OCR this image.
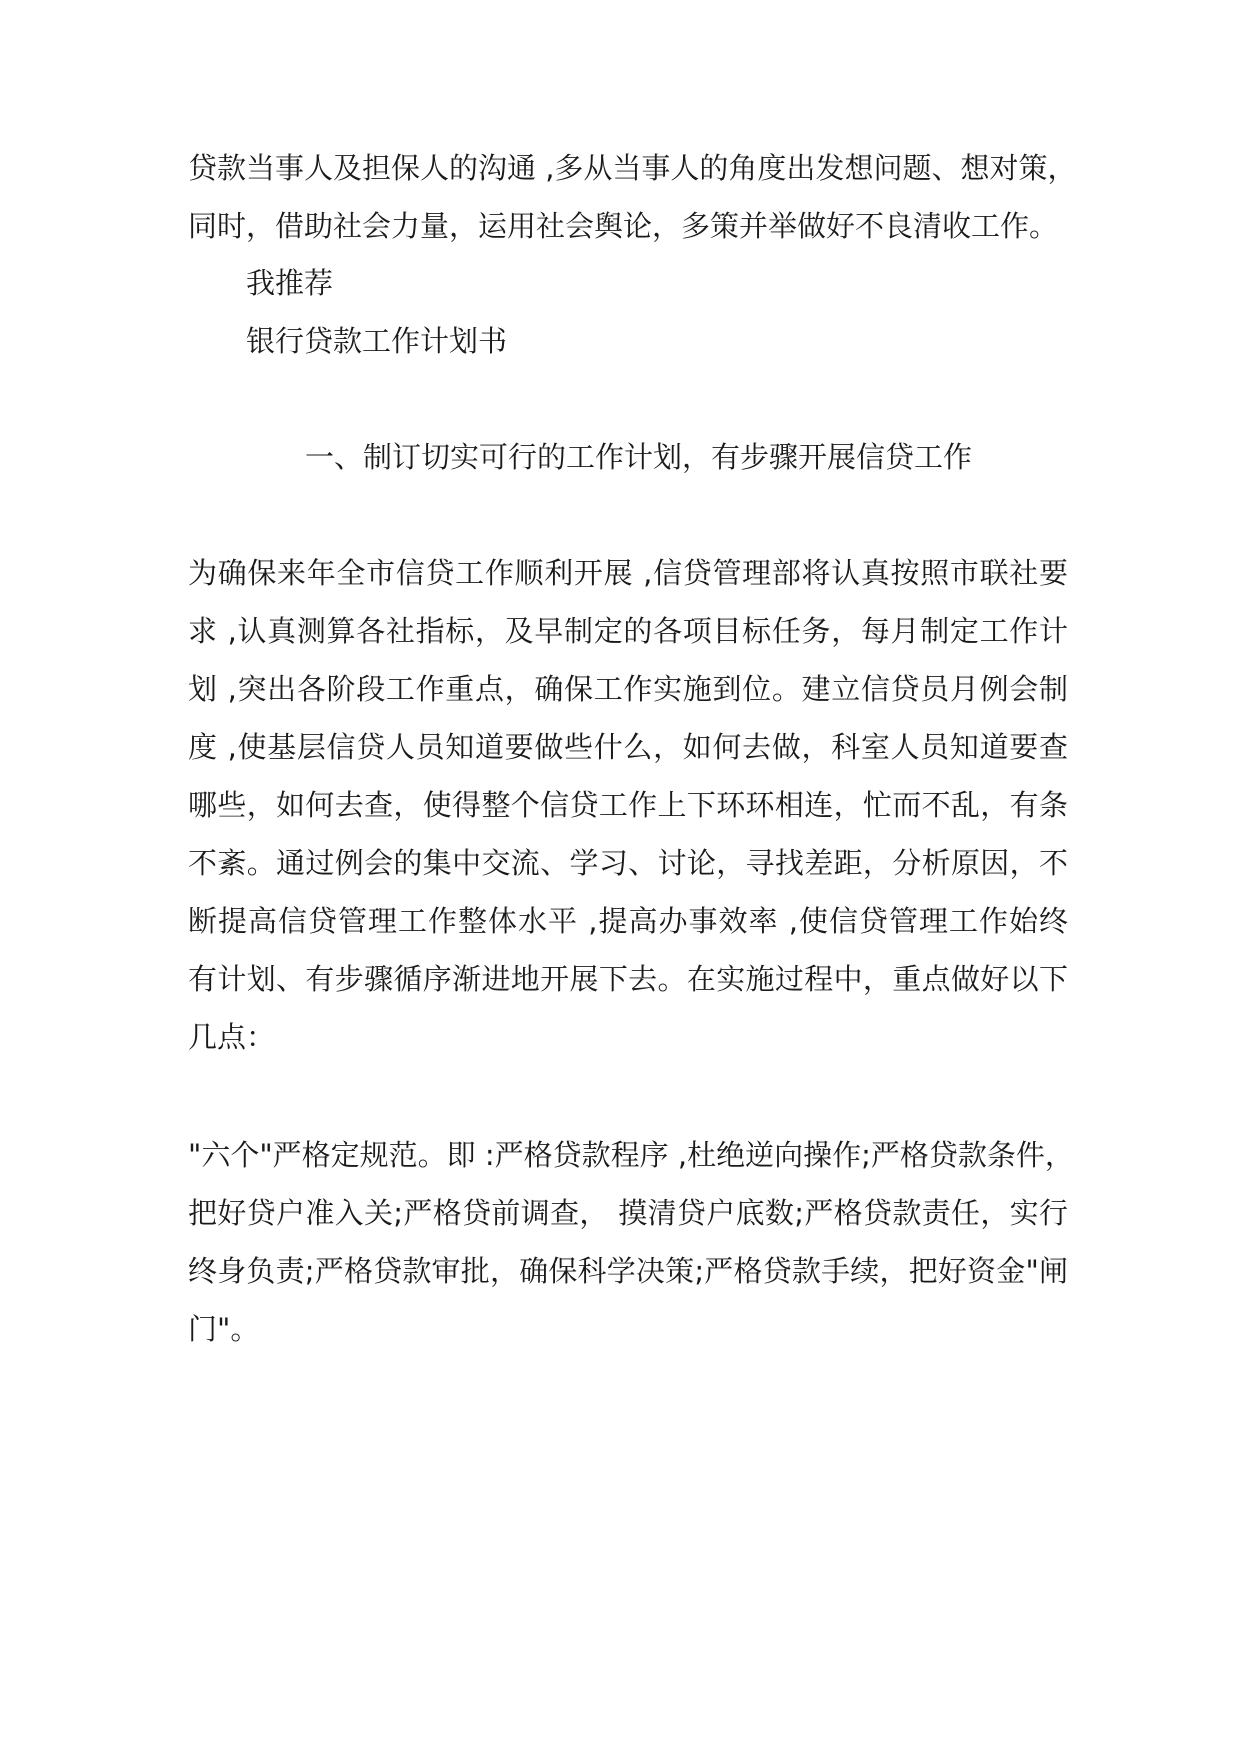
贷款当事人及担保人的沟通 ,多从当事人的角度出发想问题、想对策，
同时，借助社会力量，运用社会舆论，多策并举做好不良清收工作。
我推荐
银行贷款工作计划书
一、制订切实可行的工作计划，有步骤开展信贷工作
为确保来年全市信贷工作顺利开展 ,信贷管理部将认真按照市联社要
求 ,认真测算各社指标，及早制定的各项目标任务，每月制定工作计
划 ,突出各阶段工作重点，确保工作实施到位。建立信贷员月例会制
度 ,使基层信贷人员知道要做些什么，如何去做，科室人员知道要查
哪些，如何去查，使得整个信贷工作上下环环相连，忙而不乱，有条
不紊。通过例会的集中交流、学习、讨论，寻找差距，分析原因，不
断提高信贷管理工作整体水平 ,提高办事效率 ,使信贷管理工作始终
有计划、有步骤循序渐进地开展下去。在实施过程中，重点做好以下
几点：
"六个"严格定规范。即 :严格贷款程序 ,杜绝逆向操作;严格贷款条件，
把好贷户准入关;严格贷前调查， 摸清贷户底数;严格贷款责任，实行
终身负责;严格贷款审批，确保科学决策;严格贷款手续，把好资金"闸
门"。
